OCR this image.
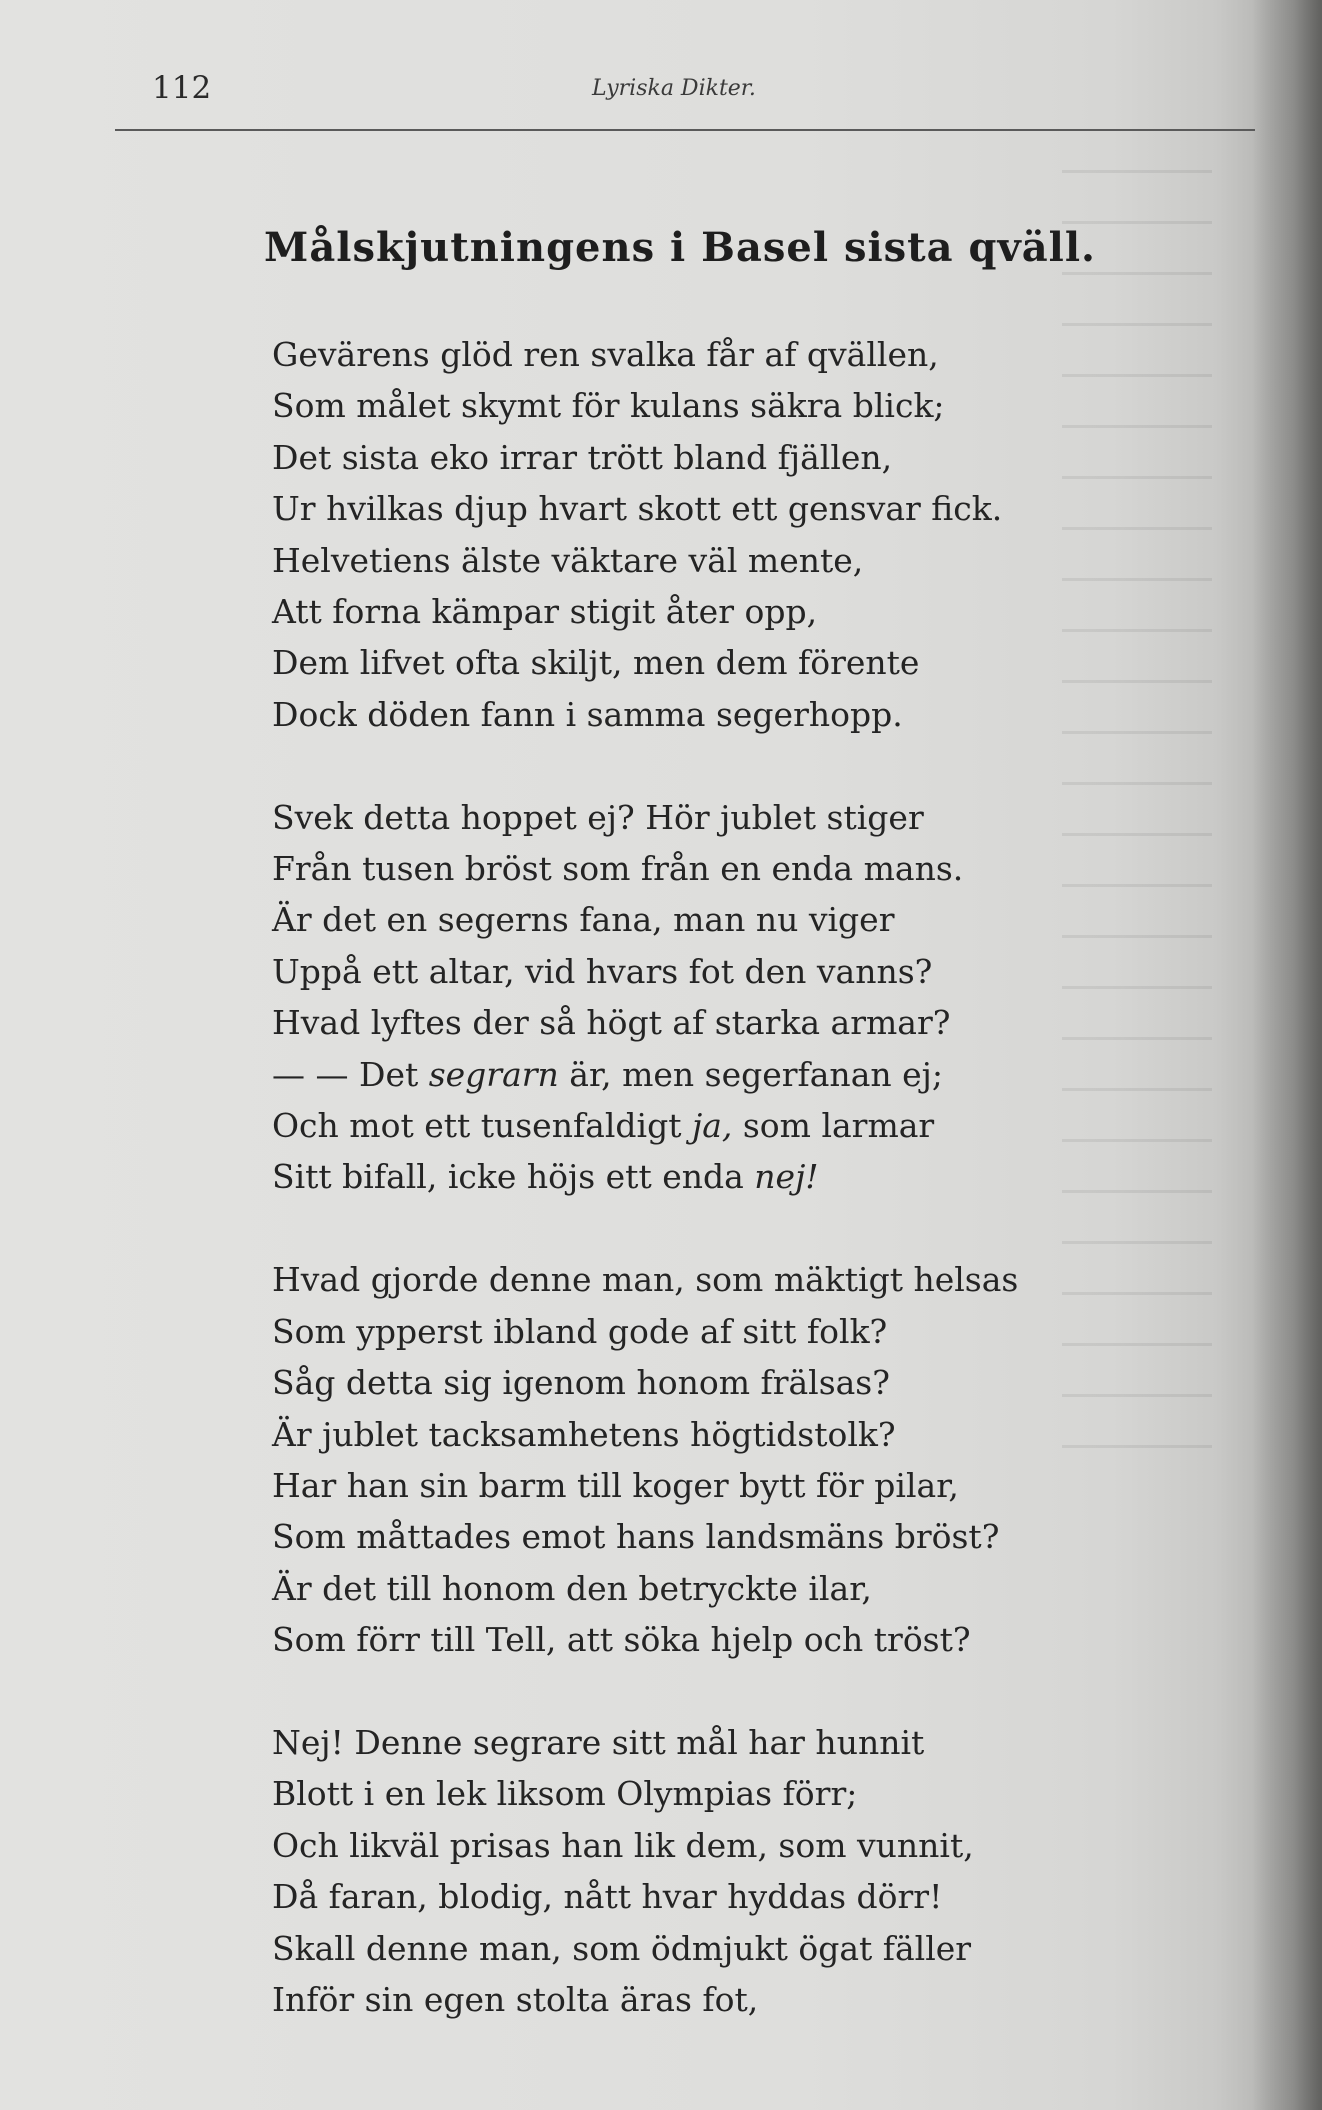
112	Lyriska Dikter.
Målskjutningens i Basel sista qväll.
Gevärens glöd ren svalka får af qvällen,
Som målet skymt för kulans säkra blick;
Det sista eko irrar trött bland fjällen,
Ur hvilkas djup hvart skott ett gensvar fick.
Helvetiens älste väktare väl mente,
Att forna kämpar stigit åter opp,
Dem lifvet ofta skiljt, men dem förente
Dock döden fann i samma segerhopp.
Svek detta hoppet ej? Hör jublet stiger
Från tusen bröst som från en enda mans.
Är det en segerns fana, man nu viger
Uppå ett altar, vid hvars fot den vanns?
Hvad lyftes der så högt af starka armar?
— — Det segrarn är, men segerfanan ej;
Och mot ett tusenfaldigt ja, som larmar
Sitt bifall, icke höjs ett enda nej!
Hvad gjorde denne man, som mäktigt helsas
Som ypperst ibland gode af sitt folk?
Såg detta sig igenom honom frälsas?
Är jublet tacksamhetens högtidstolk?
Har han sin barm till koger bytt för pilar,
Som måttades emot hans landsmäns bröst?
Är det till honom den betryckte ilar,
Som förr till Tell, att söka hjelp och tröst?
Nej! Denne segrare sitt mål har hunnit
Blott i en lek liksom Olympias förr;
Och likväl prisas han lik dem, som vunnit,
Då faran, blodig, nått hvar hyddas dörr!
Skall denne man, som ödmjukt ögat fäller
Inför sin egen stolta äras fot,
